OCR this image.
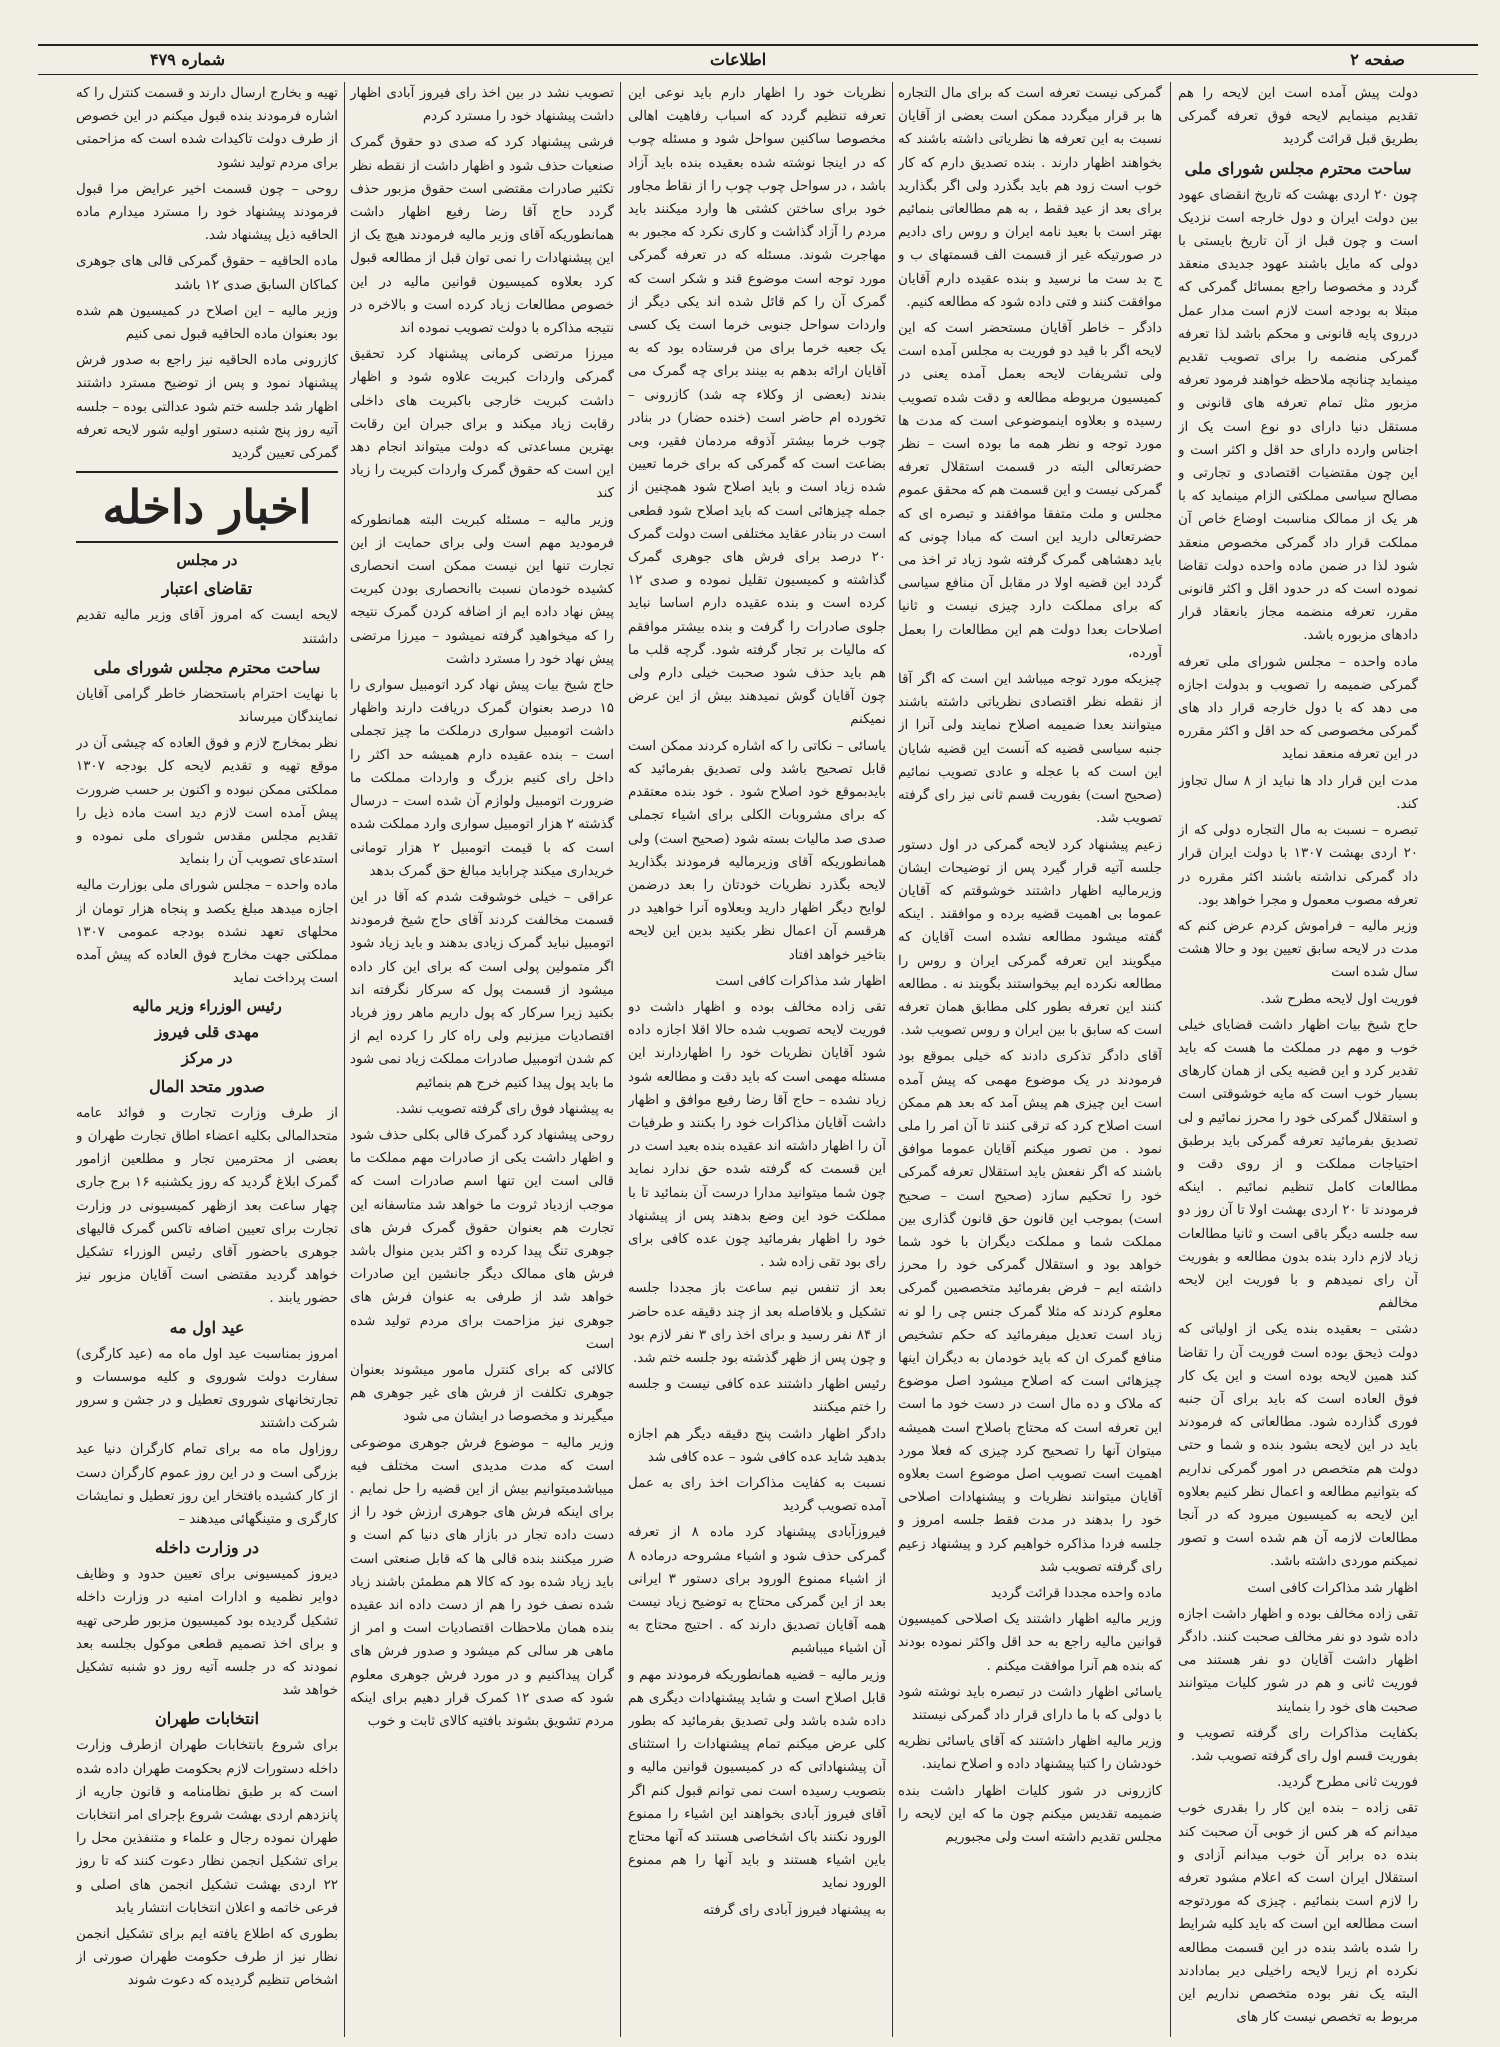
صفحه ۲
اطلاعات
شماره ۴۷۹

دولت پیش آمده است این لایحه را هم تقدیم مینمایم لایحه فوق تعرفه گمرکی بطریق قبل قرائت گردید

ساحت محترم مجلس شورای ملی

چون ۲۰ اردی بهشت که تاریخ انقضای عهود بین دولت ایران و دول خارجه است نزدیک است و چون قبل از آن تاریخ بایستی با دولی که مایل باشند عهود جدیدی منعقد گردد و مخصوصا راجع بمسائل گمرکی که مبتلا به بودجه است لازم است مدار عمل درروی پایه قانونی و محکم باشد لذا تعرفه گمرکی منضمه را برای تصویب تقدیم مینماید چنانچه ملاحظه خواهند فرمود تعرفه مزبور مثل تمام تعرفه های قانونی و مستقل دنیا دارای دو نوع است یک از اجناس وارده دارای حد اقل و اکثر است و این چون مقتضیات اقتصادی و تجارتی و مصالح سیاسی مملکتی الزام مینماید که با هر یک از ممالک مناسبت اوضاع خاص آن مملکت قرار داد گمرکی مخصوص منعقد شود لذا در ضمن ماده واحده دولت تقاضا نموده است که در حدود اقل و اکثر قانونی مقرر، تعرفه منضمه مجاز بانعقاد قرار دادهای مزبوره باشد.

ماده واحده – مجلس شورای ملی تعرفه گمرکی ضمیمه را تصویب و بدولت اجازه می دهد که با دول خارجه قرار داد های گمرکی مخصوصی که حد اقل و اکثر مقرره در این تعرفه منعقد نماید

مدت این قرار داد ها نباید از ۸ سال تجاوز کند.

تبصره – نسبت به مال التجاره دولی که از ۲۰ اردی بهشت ۱۳۰۷ با دولت ایران قرار داد گمرکی نداشته باشند اکثر مقرره در تعرفه مصوب معمول و مجرا خواهد بود.

وزیر مالیه – فراموش کردم عرض کنم که مدت در لایحه سابق تعیین بود و حالا هشت سال شده است

فوریت اول لایحه مطرح شد.

حاج شیخ بیات اظهار داشت قضایای خیلی خوب و مهم در مملکت ما هست که باید تقدیر کرد و این قضیه یکی از همان کارهای بسیار خوب است که مایه خوشوقتی است و استقلال گمرکی خود را محرز نمائیم و لی تصدیق بفرمائید تعرفه گمرکی باید برطبق احتیاجات مملکت و از روی دقت و مطالعات کامل تنظیم نمائیم . اینکه فرمودند تا ۲۰ اردی بهشت اولا تا آن روز دو سه جلسه دیگر باقی است و ثانیا مطالعات زیاد لازم دارد بنده بدون مطالعه و بفوریت آن رای نمیدهم و با فوریت این لایحه مخالفم

دشتی – بعقیده بنده یکی از اولیاتی که دولت ذیحق بوده است فوریت آن را تقاضا کند همین لایحه بوده است و این یک کار فوق العاده است که باید برای آن جنبه فوری گذارده شود. مطالعاتی که فرمودند باید در این لایحه بشود بنده و شما و حتی دولت هم متخصص در امور گمرکی نداریم که بتوانیم مطالعه و اعمال نظر کنیم بعلاوه این لایحه به کمیسیون میرود که در آنجا مطالعات لازمه آن هم شده است و تصور نمیکنم موردی داشته باشد.

اظهار شد مذاکرات کافی است

تقی زاده مخالف بوده و اظهار داشت اجازه داده شود دو نفر مخالف صحبت کنند. دادگر اظهار داشت آقایان دو نفر هستند می فوریت ثانی و هم در شور کلیات میتوانند صحبت های خود را بنمایند

بکفایت مذاکرات رای گرفته تصویب و بفوریت قسم اول رای گرفته تصویب شد.

فوریت ثانی مطرح گردید.

تقی زاده – بنده این کار را بقدری خوب میدانم که هر کس از خوبی آن صحبت کند بنده ده برابر آن خوب میدانم آزادی و استقلال ایران است که اعلام مشود تعرفه را لازم است بنمائیم . چیزی که موردتوجه است مطالعه این است که باید کلیه شرایط را شده باشد بنده در این قسمت مطالعه نکرده ام زیرا لایحه راخیلی دیر بمادادند البته یک نفر بوده متخصص نداریم این مربوط به تخصص نیست کار های

گمرکی نیست تعرفه است که برای مال التجاره ها بر قرار میگردد ممکن است بعضی از آقایان نسبت به این تعرفه ها نظریاتی داشته باشند که بخواهند اظهار دارند . بنده تصدیق دارم که کار خوب است زود هم باید بگذرد ولی اگر بگذارید برای بعد از عید فقط ، به هم مطالعاتی بنمائیم بهتر است با بعید نامه ایران و روس رای دادیم در صورتیکه غیر از قسمت الف قسمتهای ب و ج بد ست ما نرسید و بنده عقیده دارم آقایان موافقت کنند و فتی داده شود که مطالعه کنیم.

دادگر – خاطر آقایان مستحضر است که این لایحه اگر با قید دو فوریت به مجلس آمده است ولی تشریفات لایحه بعمل آمده یعنی در کمیسیون مربوطه مطالعه و دقت شده تصویب رسیده و بعلاوه اینموضوعی است که مدت ها مورد توجه و نظر همه ما بوده است – نظر حضرتعالی البته در قسمت استقلال تعرفه گمرکی نیست و این قسمت هم که محقق عموم مجلس و ملت متفقا موافقند و تبصره ای که حضرتعالی دارید این است که مبادا چونی که باید دهشاهی گمرک گرفته شود زیاد تر اخذ می گردد این قضیه اولا در مقابل آن منافع سیاسی که برای مملکت دارد چیزی نیست و ثانیا اصلاحات بعدا دولت هم این مطالعات را بعمل آورده،

چیزیکه مورد توجه میباشد این است که اگر آقا از نقطه نظر اقتصادی نظریاتی داشته باشند میتوانند بعدا ضمیمه اصلاح نمایند ولی آنرا از جنبه سیاسی قضیه که آنست این قضیه شایان این است که با عجله و عادی تصویب نمائیم (صحیح است) بفوریت قسم ثانی نیز رای گرفته تصویب شد.

زعیم پیشنهاد کرد لایحه گمرکی در اول دستور جلسه آتیه قرار گیرد پس از توضیحات ایشان وزیرمالیه اظهار داشتند خوشوقتم که آقایان عموما بی اهمیت قضیه برده و موافقند . اینکه گفته میشود مطالعه نشده است آقایان که میگویند این تعرفه گمرکی ایران و روس را مطالعه نکرده ایم بیخواستند بگویند نه . مطالعه کنند این تعرفه بطور کلی مطابق همان تعرفه است که سابق با بین ایران و روس تصویب شد.

آقای دادگر تذکری دادند که خیلی بموقع بود فرمودند در یک موضوع مهمی که پیش آمده است این چیزی هم پیش آمد که بعد هم ممکن است اصلاح کرد که ترقی کنند تا آن امر را ملی نمود . من تصور میکنم آقایان عموما موافق باشند که اگر نفعش باید استقلال تعرفه گمرکی خود را تحکیم سازد (صحیح است – صحیح است) بموجب این قانون حق قانون گذاری بین مملکت شما و مملکت دیگران با خود شما خواهد بود و استقلال گمرکی خود را محرز داشته ایم – فرض بفرمائید متخصصین گمرکی معلوم کردند که مثلا گمرک جنس چی را لو نه زیاد است تعدیل میفرمائید که حکم تشخیص منافع گمرک ان که باید خودمان به دیگران اینها چیزهائی است که اصلاح میشود اصل موضوع که ملاک و ده مال است در دست خود ما است این تعرفه است که محتاج باصلاح است همیشه میتوان آنها را تصحیح کرد چیزی که فعلا مورد اهمیت است تصویب اصل موضوع است بعلاوه آقایان میتوانند نظریات و پیشنهادات اصلاحی خود را بدهند در مدت فقط جلسه امروز و جلسه فردا مذاکره خواهیم کرد و پیشنهاد زعیم رای گرفته تصویب شد

ماده واحده مجددا قرائت گردید

وزیر مالیه اظهار داشتند یک اصلاحی کمیسیون قوانین مالیه راجع به حد اقل واکثر نموده بودند که بنده هم آنرا موافقت میکنم .

یاسائی اظهار داشت در تبصره باید نوشته شود با دولی که با ما دارای قرار داد گمرکی نیستند

وزیر مالیه اظهار داشتند که آقای یاسائی نظریه خودشان را کتبا پیشنهاد داده و اصلاح نمایند.

کازرونی در شور کلیات اظهار داشت بنده ضمیمه تقدیس میکنم چون ما که این لایحه را مجلس تقدیم داشته است ولی مجبوریم

نظریات خود را اظهار دارم باید نوعی این تعرفه تنظیم گردد که اسباب رفاهیت اهالی مخصوصا ساکنین سواحل شود و مسئله چوب که در اینجا نوشته شده بعقیده بنده باید آزاد باشد ، در سواحل چوب چوب را از نقاط مجاور خود برای ساختن کشتی ها وارد میکنند باید مردم را آزاد گذاشت و کاری نکرد که مجبور به مهاجرت شوند. مسئله که در تعرفه گمرکی مورد توجه است موضوع قند و شکر است که گمرک آن را کم قائل شده اند یکی دیگر از واردات سواحل جنوبی خرما است یک کسی یک جعبه خرما برای من فرستاده بود که به آقایان ارائه بدهم به بینند برای چه گمرک می بندند (بعضی از وکلاء چه شد) کازرونی – تخورده ام حاضر است (خنده حضار) در بنادر چوب خرما بیشتر آذوقه مردمان فقیر، وبی بضاعت است که گمرکی که برای خرما تعیین شده زیاد است و باید اصلاح شود همچنین از جمله چیزهائی است که باید اصلاح شود قطعی است در بنادر عقاید مختلفی است دولت گمرک ۲۰ درصد برای فرش های جوهری گمرک گذاشته و کمیسیون تقلیل نموده و صدی ۱۲ کرده است و بنده عقیده دارم اساسا نباید جلوی صادرات را گرفت و بنده بیشتر موافقم که مالیات بر تجار گرفته شود. گرچه قلب ما هم باید حذف شود صحبت خیلی دارم ولی چون آقایان گوش نمیدهند بیش از این عرض نمیکنم

یاسائی – نکاتی را که اشاره کردند ممکن است قابل تصحیح باشد ولی تصدیق بفرمائید که بایدبموقع خود اصلاح شود . خود بنده معتقدم که برای مشروبات الکلی برای اشیاء تجملی صدی صد مالیات بسته شود (صحیح است) ولی همانطوریکه آقای وزیرمالیه فرمودند بگذارید لایحه بگذرد نظریات خودتان را بعد درضمن لوایح دیگر اظهار دارید وبعلاوه آنرا خواهید در هرقسم آن اعمال نظر بکنید بدین این لایحه بتاخیر خواهد افتاد

اظهار شد مذاکرات کافی است

تقی زاده مخالف بوده و اظهار داشت دو فوریت لایحه تصویب شده حالا اقلا اجازه داده شود آقایان نظریات خود را اظهاردارند این مسئله مهمی است که باید دقت و مطالعه شود زیاد نشده – حاج آقا رضا رفیع موافق و اظهار داشت آقایان مذاکرات خود را بکنند و طرفیات آن را اظهار داشته اند عقیده بنده بعید است در این قسمت که گرفته شده حق ندارد نماید چون شما میتوانید مدارا درست آن بنمائید تا با مملکت خود این وضع بدهند پس از پیشنهاد خود را اظهار بفرمائید چون عده کافی برای رای بود تقی زاده شد .

بعد از تنفس نیم ساعت باز مجددا جلسه تشکیل و بلافاصله بعد از چند دقیقه عده حاضر از ۸۴ نفر رسید و برای اخذ رای ۳ نفر لازم بود و چون پس از ظهر گذشته بود جلسه ختم شد.

رئیس اظهار داشتند عده کافی نیست و جلسه را ختم میکنند

دادگر اظهار داشت پنج دقیقه دیگر هم اجازه بدهید شاید عده کافی شود – عده کافی شد

نسبت به کفایت مذاکرات اخذ رای به عمل آمده تصویب گردید

فیروزآبادی پیشنهاد کرد ماده ۸ از تعرفه گمرکی حذف شود و اشیاء مشروحه درماده ۸ از اشیاء ممنوع الورود برای دستور ۳ ایرانی بعد از این گمرکی محتاج به توضیح زیاد نیست همه آقایان تصدیق دارند که . احتیج محتاج به آن اشیاء میباشیم

وزیر مالیه – قضیه همانطوریکه فرمودند مهم و قابل اصلاح است و شاید پیشنهادات دیگری هم داده شده باشد ولی تصدیق بفرمائید که بطور کلی عرض میکنم تمام پیشنهادات را استثنای آن پیشنهاداتی که در کمیسیون قوانین مالیه و بتصویب رسیده است نمی توانم قبول کنم اگر آقای فیروز آبادی بخواهند این اشیاء را ممنوع الورود نکنند باک اشخاصی هستند که آنها محتاج باین اشیاء هستند و باید آنها را هم ممنوع الورود نماید

به پیشنهاد فیروز آبادی رای گرفته

تصویب نشد در بین اخذ رای فیروز آبادی اظهار داشت پیشنهاد خود را مسترد کردم

فرشی پیشنهاد کرد که صدی دو حقوق گمرک صنعیات حذف شود و اظهار داشت از نقطه نظر تکثیر صادرات مقتضی است حقوق مزبور حذف گردد حاج آقا رضا رفیع اظهار داشت همانطوریکه آقای وزیر مالیه فرمودند هیچ یک از این پیشنهادات را نمی توان قبل از مطالعه قبول کرد بعلاوه کمیسیون قوانین مالیه در این خصوص مطالعات زیاد کرده است و بالاخره در نتیجه مذاکره با دولت تصویب نموده اند

میرزا مرتضی کرمانی پیشنهاد کرد تحقیق گمرکی واردات کبریت علاوه شود و اظهار داشت کبریت خارجی باکبریت های داخلی رقابت زیاد میکند و برای جبران این رقابت بهترین مساعدتی که دولت میتواند انجام دهد این است که حقوق گمرک واردات کبریت را زیاد کند

وزیر مالیه – مسئله کبریت البته همانطورکه فرمودید مهم است ولی برای حمایت از این تجارت تنها این نیست ممکن است انحصاری کشیده خودمان نسبت باانحصاری بودن کبریت پیش نهاد داده ایم از اضافه کردن گمرک نتیجه را که میخواهید گرفته نمیشود – میرزا مرتضی پیش نهاد خود را مسترد داشت

حاج شیخ بیات پیش نهاد کرد اتومبیل سواری را ۱۵ درصد بعنوان گمرک دریافت دارند واظهار داشت اتومبیل سواری درملکت ما چیز تجملی است – بنده عقیده دارم همیشه حد اکثر را داخل رای کنیم بزرگ و واردات مملکت ما ضرورت اتومبیل ولوازم آن شده است – درسال گذشته ۲ هزار اتومبیل سواری وارد مملکت شده است که با قیمت اتومبیل ۲ هزار تومانی خریداری میکند چراباید مبالغ حق گمرک بدهد

عراقی – خیلی خوشوقت شدم که آقا در این قسمت مخالفت کردند آقای حاج شیخ فرمودند اتومبیل نباید گمرک زیادی بدهند و باید زیاد شود اگر متمولین پولی است که برای این کار داده میشود از قسمت پول که سرکار نگرفته اند بکنید زیرا سرکار که پول داریم ماهر روز فریاد اقتصادیات میزنیم ولی راه کار را کرده ایم از کم شدن اتومبیل صادرات مملکت زیاد نمی شود ما باید پول پیدا کنیم خرج هم بنمائیم

به پیشنهاد فوق رای گرفته تصویب نشد.

روحی پیشنهاد کرد گمرک قالی بکلی حذف شود و اظهار داشت یکی از صادرات مهم مملکت ما قالی است این تنها اسم صادرات است که موجب ازدیاد ثروت ما خواهد شد متاسفانه این تجارت هم بعنوان حقوق گمرک فرش های جوهری تنگ پیدا کرده و اکثر بدین منوال باشد فرش های ممالک دیگر جانشین این صادرات خواهد شد از طرفی به عنوان فرش های جوهری نیز مزاحمت برای مردم تولید شده است

کالائی که برای کنترل مامور میشوند بعنوان جوهری تکلفت از فرش های غیر جوهری هم میگیرند و مخصوصا در ایشان می شود

وزیر مالیه – موضوع فرش جوهری موضوعی است که مدت مدیدی است مختلف فیه میباشدمیتوانیم بیش از این قضیه را حل نمایم . برای اینکه فرش های جوهری ارزش خود را از دست داده تجار در بازار های دنیا کم است و ضرر میکنند بنده قالی ها که قابل صنعتی است باید زیاد شده بود که کالا هم مطمئن باشند زیاد شده نصف خود را هم از دست داده اند عقیده بنده همان ملاحظات اقتصادیات است و امر از ماهی هر سالی کم میشود و صدور فرش های گران پیداکنیم و در مورد فرش جوهری معلوم شود که صدی ۱۲ کمرک قرار دهیم برای اینکه مردم تشویق بشوند بافتیه کالای ثابت و خوب

تهیه و بخارج ارسال دارند و قسمت کنترل را که اشاره فرمودند بنده قبول میکنم در این خصوص از طرف دولت تاکیدات شده است که مزاحمتی برای مردم تولید نشود

روحی – چون قسمت اخیر عرایض مرا قبول فرمودند پیشنهاد خود را مسترد میدارم ماده الحاقیه ذیل پیشنهاد شد.

ماده الحاقیه – حقوق گمرکی قالی های جوهری کماکان السابق صدی ۱۲ باشد

وزیر مالیه – این اصلاح در کمیسیون هم شده بود بعنوان ماده الحاقیه قبول نمی کنیم

کازرونی ماده الحاقیه نیز راجع به صدور فرش پیشنهاد نمود و پس از توضیح مسترد داشتند اظهار شد جلسه ختم شود عدالتی بوده – جلسه آتیه روز پنج شنبه دستور اولیه شور لایحه تعرفه گمرکی تعیین گردید

اخبار داخله
در مجلس
تقاضای اعتبار

لایحه ایست که امروز آقای وزیر مالیه تقدیم داشتند

ساحت محترم مجلس شورای ملی

با نهایت احترام باستحضار خاطر گرامی آقایان نمایندگان میرساند

نظر بمخارج لازم و فوق العاده که چیشی آن در موقع تهیه و تقدیم لایحه کل بودجه ۱۳۰۷ مملکتی ممکن نبوده و اکنون بر حسب ضرورت پیش آمده است لازم دید است ماده ذیل را تقدیم مجلس مقدس شورای ملی نموده و استدعای تصویب آن را بنماید

ماده واحده – مجلس شورای ملی بوزارت مالیه اجازه میدهد مبلغ یکصد و پنجاه هزار تومان از محلهای تعهد نشده بودجه عمومی ۱۳۰۷ مملکتی جهت مخارج فوق العاده که پیش آمده است پرداخت نماید

رئیس الوزراء وزیر مالیه
مهدی قلی فیروز
در مرکز
صدور متحد المال

از طرف وزارت تجارت و فوائد عامه متحدالمالی بکلیه اعضاء اطاق تجارت طهران و بعضی از محترمین تجار و مطلعین ازامور گمرک ابلاغ گردید که روز یکشنبه ۱۶ برج جاری چهار ساعت بعد ازظهر کمیسیونی در وزارت تجارت برای تعیین اضافه تاکس گمرک قالیهای جوهری باحضور آقای رئیس الوزراء تشکیل خواهد گردید مقتضی است آقایان مزبور نیز حضور یابند .

عید اول مه

امروز بمناسبت عید اول ماه مه (عید کارگری) سفارت دولت شوروی و کلیه موسسات و تجارتخانهای شوروی تعطیل و در جشن و سرور شرکت داشتند

روزاول ماه مه برای تمام کارگران دنیا عید بزرگی است و در این روز عموم کارگران دست از کار کشیده بافتخار این روز تعطیل و نمایشات کارگری و متینگهائی میدهند –

در وزارت داخله

دیروز کمیسیونی برای تعیین حدود و وظایف دوایر نظمیه و ادارات امنیه در وزارت داخله تشکیل گردیده بود کمیسیون مزبور طرحی تهیه و برای اخذ تصمیم قطعی موکول بجلسه بعد نمودند که در جلسه آتیه روز دو شنبه تشکیل خواهد شد

انتخابات طهران

برای شروع بانتخابات طهران ازطرف وزارت داخله دستورات لازم بحکومت طهران داده شده است که بر طبق نظامنامه و قانون جاریه از پانزدهم اردی بهشت شروع بإجرای امر انتخابات طهران نموده رجال و علماء و متنفذین محل را برای تشکیل انجمن نظار دعوت کنند که تا روز ۲۲ اردی بهشت تشکیل انجمن های اصلی و فرعی خاتمه و اعلان انتخابات انتشار یابد

بطوری که اطلاع یافته ایم برای تشکیل انجمن نظار نیز از طرف حکومت طهران صورتی از اشخاص تنظیم گردیده که دعوت شوند
